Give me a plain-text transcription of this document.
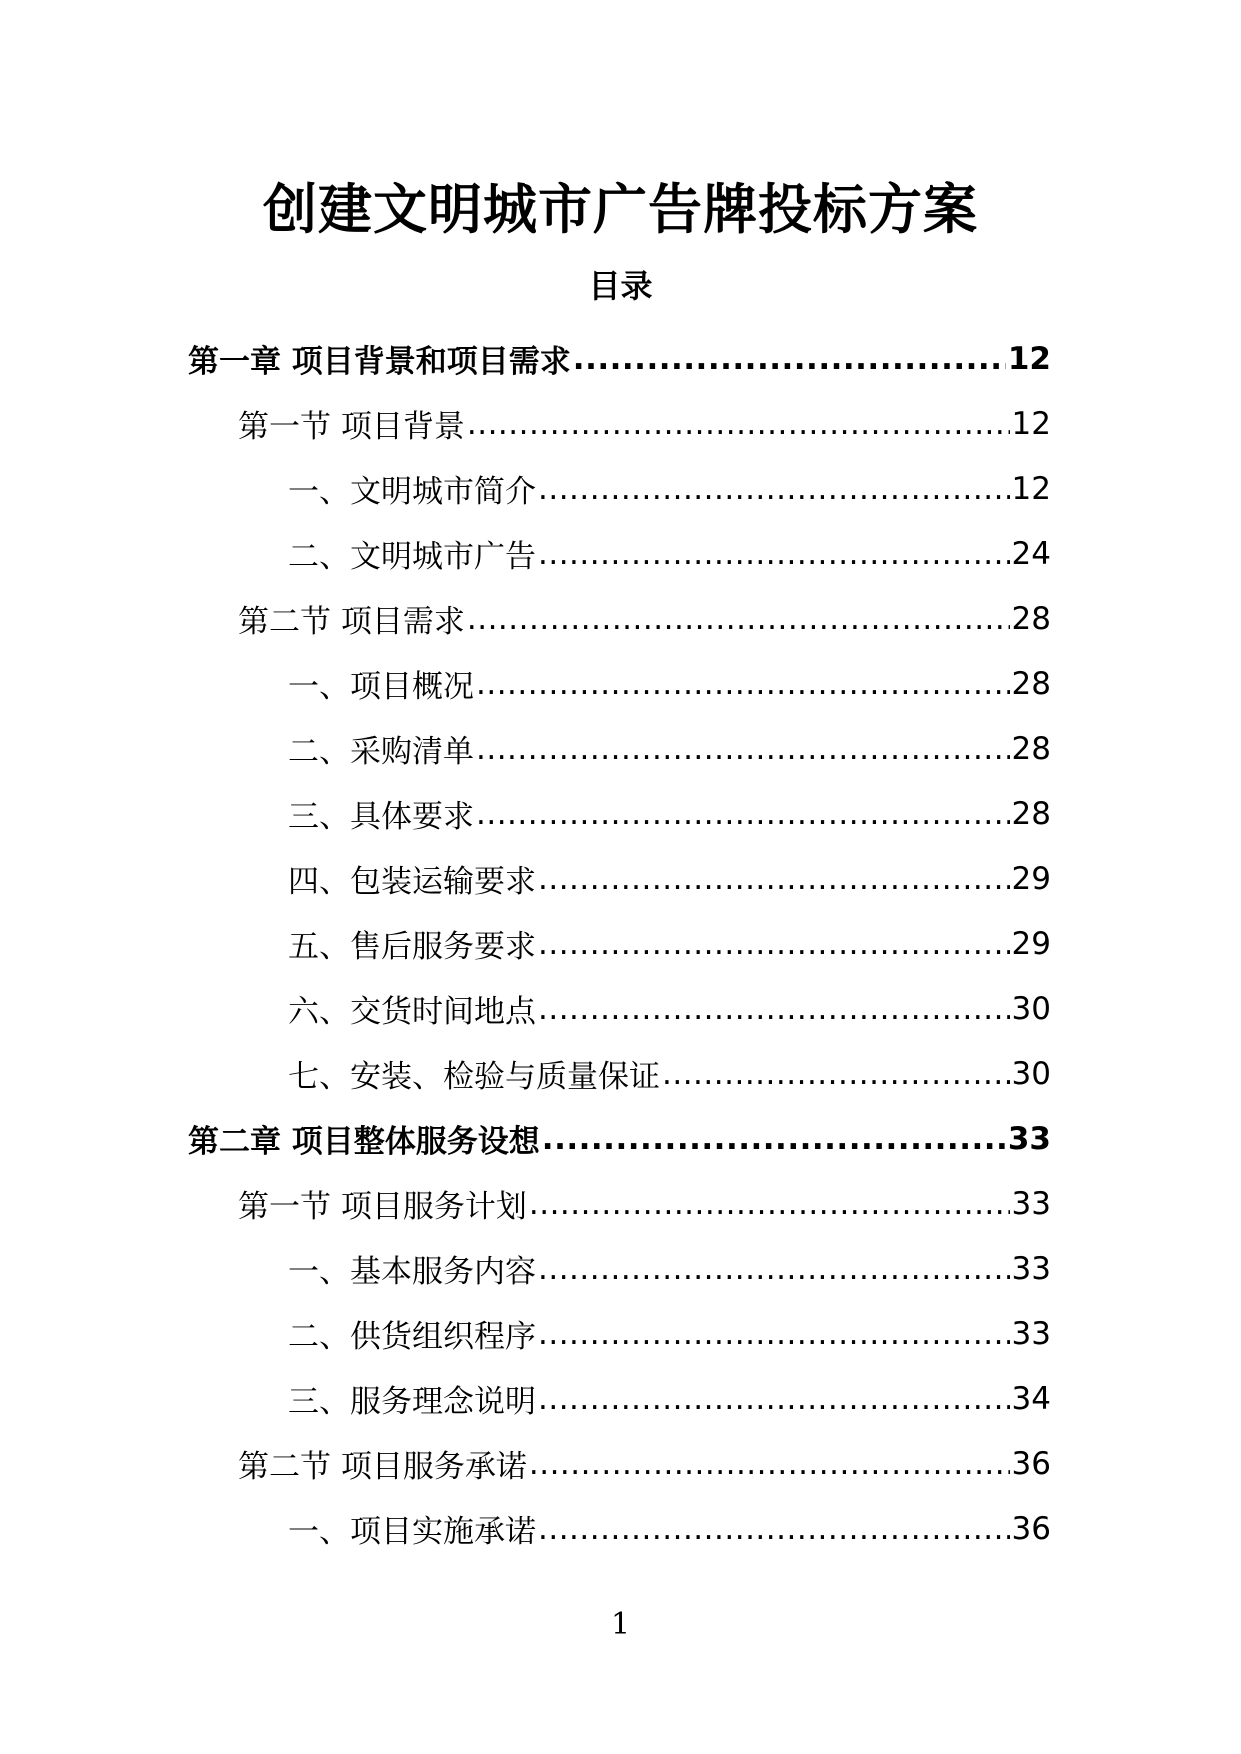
创建文明城市广告牌投标方案
目录
第一章 项目背景和项目需求 .....	12
第一节 项目背景 .....	12
一、文明城市简介 .....	12
二、文明城市广告 .....	24
第二节 项目需求 .....	28
一、项目概况 .....	28
二、采购清单 .....	28
三、具体要求 .....	28
四、包装运输要求 .....	29
五、售后服务要求 .....	29
六、交货时间地点 .....	30
七、安装、检验与质量保证 .....	30
第二章 项目整体服务设想 .....	33
第一节 项目服务计划 .....	33
一、基本服务内容 .....	33
二、供货组织程序 .....	33
三、服务理念说明 .....	34
第二节 项目服务承诺 .....	36
一、项目实施承诺 .....	36
1
